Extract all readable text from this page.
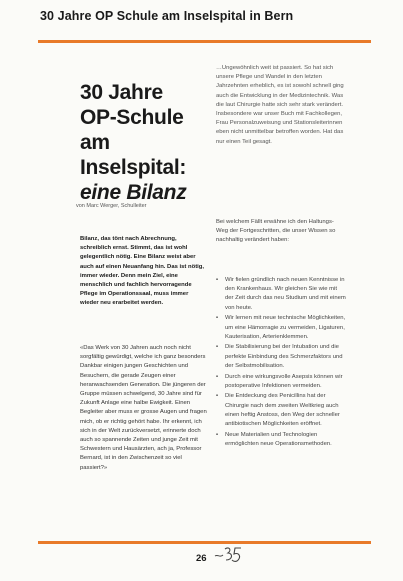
30 Jahre OP Schule am Inselspital in Bern
30 Jahre
OP-Schule
am
Inselspital:
eine Bilanz
von Marc Werger, Schulleiter
Bilanz, das tönt nach Abrechnung, schreiblich ernst. Stimmt, das ist wohl gelegentlich nötig. Eine Bilanz weist aber auch auf einen Neuanfang hin. Das ist nötig, immer wieder. Denn mein Ziel, eine menschlich und fachlich hervorragende Pflege im Operationssaal, muss immer wieder neu erarbeitet werden.
«Das Werk von 30 Jahren auch noch nicht sorgfältig gewürdigt, welche ich ganz besonders Dankbar einigen jungen Geschichten und Besuchern, die gerade Zeugen einer heranwachsenden Generation. Die jüngeren der Gruppe müssen schwelgend, 30 Jahre sind für Zukunft Anlage eine halbe Ewigkeit. Einen Begleiter aber muss er grosse Augen und fragen mich, ob er richtig gehört habe. Ihr erkennt, ich sich in der Welt zurückversetzt, erinnerte doch auch so spannende Zeiten und junge Zeit mit Schwestern und Hausärzten, ach ja, Professor Bernard, ist in den Zwischenzeit so viel passiert?»
…Ungewöhnlich weit ist passiert. So hat sich unsere Pflege und Wandel in den letzten Jahrzehnten erheblich, es ist sowohl schnell ging auch die Entwicklung in der Medizintechnik. Was die laut Chirurgie hatte sich sehr stark verändert. Insbesondere war unser Buch mit Fachkollegen, Frau Personalzuweisung und Stationsleiterinnen eben nicht unmittelbar betroffen worden. Hat das nur einen Teil gesagt.
Bei welchem Fällt erwähne ich den Haltungs-Weg der Fortgeschritten, die unser Wissen so nachhaltig verändert haben:
• Wir fielen gründlich nach neuen Kenntnisse in den Krankenhaus. Wir gleichen Sie wie mit der Zeit durch das neu Studium und mit einem von heute.
• Wir lernen mit neue technische Möglichkeiten, um eine Hämorragie zu vermeiden, Ligaturen, Kauterisation, Arterienklemmen.
• Die Stabilisierung bei der Intubation und die perfekte Einbindung des Schmerzfaktors und der Selbstmobilisation.
• Durch eine wirkungsvolle Asepsis können wir postoperative Infektionen vermeiden.
• Die Entdeckung des Penicillins hat der Chirurgie nach dem zweiten Weltkrieg auch einen heftig Anstoss, den Weg der schneller antibiotischen Möglichkeiten eröffnet.
• Neue Materialien und Technologien ermöglichten neue Operationsmethoden.
26
